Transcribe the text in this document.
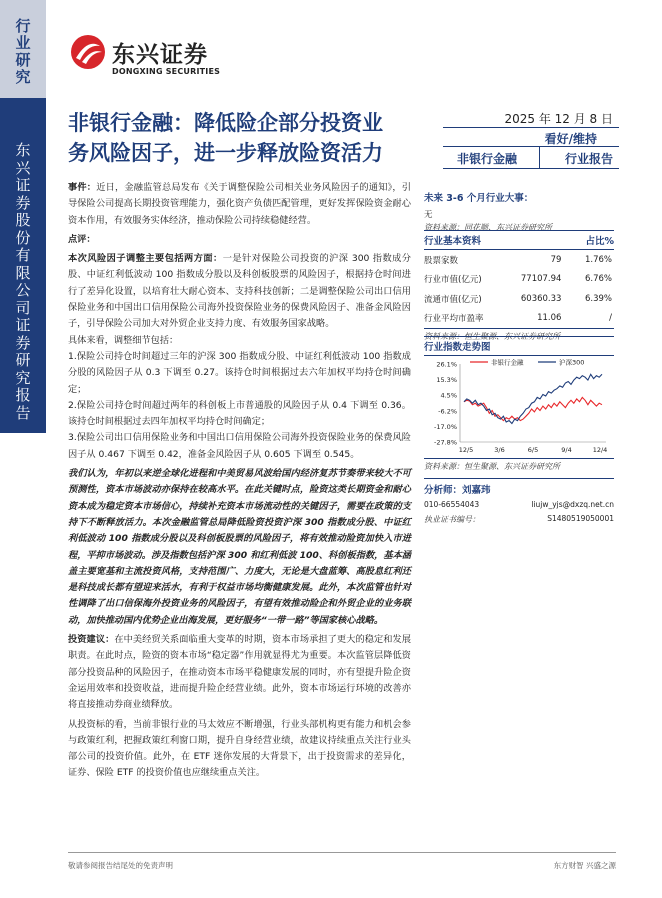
行
业
研
究
东
兴
证
券
股
份
有
限
公
司
证
券
研
究
报
告
东兴证券
DONGXING SECURITIES
非银行金融：降低险企部分投资业
务风险因子，进一步释放险资活力
2025 年 12 月 8 日
看好/维持
非银行金融	行业报告

事件：近日，金融监管总局发布《关于调整保险公司相关业务风险因子的通知》，引导保险公司提高长期投资管理能力，强化资产负债匹配管理，更好发挥保险资金耐心资本作用，有效服务实体经济，推动保险公司持续稳健经营。

点评：

本次风险因子调整主要包括两方面：一是针对保险公司投资的沪深 300 指数成分股、中证红利低波动 100 指数成分股以及科创板股票的风险因子，根据持仓时间进行了差异化设置，以培育壮大耐心资本、支持科技创新；二是调整保险公司出口信用保险业务和中国出口信用保险公司海外投资保险业务的保费风险因子、准备金风险因子，引导保险公司加大对外贸企业支持力度、有效服务国家战略。

具体来看，调整细节包括：

1.保险公司持仓时间超过三年的沪深 300 指数成分股、中证红利低波动 100 指数成分股的风险因子从 0.3 下调至 0.27。该持仓时间根据过去六年加权平均持仓时间确定；

2.保险公司持仓时间超过两年的科创板上市普通股的风险因子从 0.4 下调至 0.36。该持仓时间根据过去四年加权平均持仓时间确定；

3.保险公司出口信用保险业务和中国出口信用保险公司海外投资保险业务的保费风险因子从 0.467 下调至 0.42，准备金风险因子从 0.605 下调至 0.545。

我们认为，年初以来逆全球化进程和中美贸易风波给国内经济复苏节奏带来较大不可预测性，资本市场波动亦保持在较高水平。在此关键时点，险资这类长期资金和耐心资本成为稳定资本市场信心，持续补充资本市场流动性的关键因子，需要在政策的支持下不断释放活力。本次金融监管总局降低险资投资沪深 300 指数成分股、中证红利低波动 100 指数成分股以及科创板股票的风险因子，将有效推动险资加快入市进程，平抑市场波动。涉及指数包括沪深 300 和红利低波 100、科创板指数，基本涵盖主要宽基和主流投资风格，支持范围广、力度大，无论是大盘蓝筹、高股息红利还是科技成长都有望迎来活水，有利于权益市场均衡健康发展。此外，本次监管也针对性调降了出口信保海外投资业务的风险因子，有望有效推动险企和外贸企业的业务联动，加快推动国内优势企业出海发展，更好服务“一带一路”等国家核心战略。

投资建议：在中美经贸关系面临重大变革的时期，资本市场承担了更大的稳定和发展职责。在此时点，险资的资本市场“稳定器”作用就显得尤为重要。本次监管层降低资部分投资品种的风险因子，在推动资本市场平稳健康发展的同时，亦有望提升险企资金运用效率和投资收益，进而提升险企经营业绩。此外，资本市场运行环境的改善亦将直接推动券商业绩释放。

从投资标的看，当前非银行业的马太效应不断增强，行业头部机构更有能力和机会参与政策红利，把握政策红利窗口期，提升自身经营业绩，故建议持续重点关注行业头部公司的投资价值。此外，在 ETF 迷你发展的大背景下，出于投资需求的差异化，证券、保险 ETF 的投资价值也应继续重点关注。

未来 3-6 个月行业大事：
无
资料来源：同花顺、东兴证券研究所
行业基本资料	占比%
股票家数	79	1.76%
行业市值(亿元)	77107.94	6.76%
流通市值(亿元)	60360.33	6.39%
行业平均市盈率	11.06	/
资料来源：恒生聚源、东兴证券研究所
行业指数走势图
26.1%
15.3%
4.5%
-6.2%
-17.0%
-27.8%
12/5	3/6	6/5	9/4	12/4
非银行金融	沪深300
资料来源：恒生聚源、东兴证券研究所
分析师：刘嘉玮
010-66554043	liujw_yjs@dxzq.net.cn
执业证书编号：	S1480519050001
敬请参阅报告结尾处的免责声明	东方财智 兴盛之源
